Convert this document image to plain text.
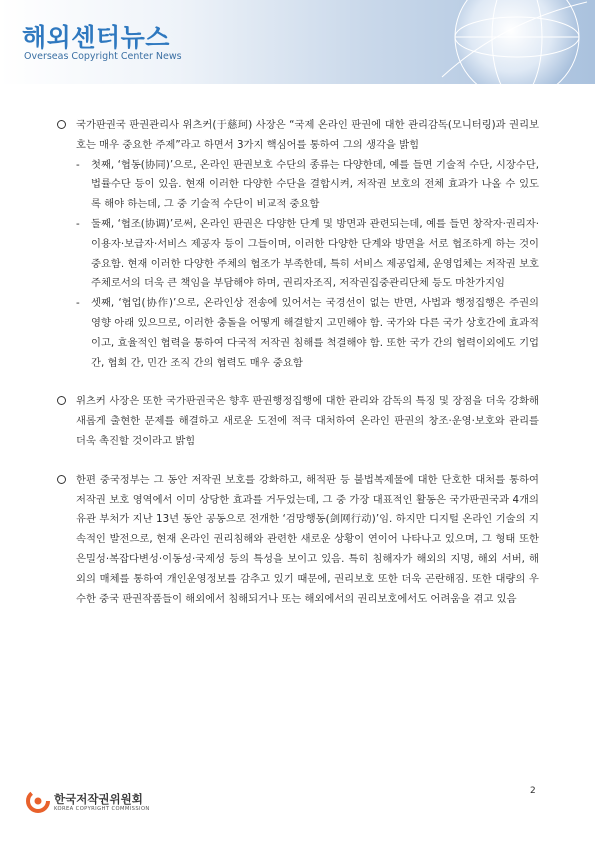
해외센터뉴스
Overseas Copyright Center News
국가판권국 판권관리사 위츠커(于慈珂) 사장은 “국제 온라인 판권에 대한 관리감독(모니터링)과 권리보호는 매우 중요한 주제”라고 하면서 3가지 핵심어를 통하여 그의 생각을 밝힘
- 첫째, ‘협동(协同)’으로, 온라인 판권보호 수단의 종류는 다양한데, 예를 들면 기술적 수단, 시장수단, 법률수단 등이 있음. 현재 이러한 다양한 수단을 결합시켜, 저작권 보호의 전체 효과가 나올 수 있도록 해야 하는데, 그 중 기술적 수단이 비교적 중요함
- 둘째, ‘협조(协调)’로써, 온라인 판권은 다양한 단계 및 방면과 관련되는데, 예를 들면 창작자·권리자·이용자·보급자·서비스 제공자 등이 그들이며, 이러한 다양한 단계와 방면을 서로 협조하게 하는 것이 중요함. 현재 이러한 다양한 주체의 협조가 부족한데, 특히 서비스 제공업체, 운영업체는 저작권 보호 주체로서의 더욱 큰 책임을 부담해야 하며, 권리자조직, 저작권집중관리단체 등도 마찬가지임
- 셋째, ‘협업(协作)’으로, 온라인상 전송에 있어서는 국경선이 없는 반면, 사법과 행정집행은 주권의 영향 아래 있으므로, 이러한 충돌을 어떻게 해결할지 고민해야 함. 국가와 다른 국가 상호간에 효과적이고, 효율적인 협력을 통하여 다국적 저작권 침해를 척결해야 함. 또한 국가 간의 협력이외에도 기업 간, 협회 간, 민간 조직 간의 협력도 매우 중요함
위츠커 사장은 또한 국가판권국은 향후 판권행정집행에 대한 관리와 감독의 특징 및 장점을 더욱 강화해 새롭게 출현한 문제를 해결하고 새로운 도전에 적극 대처하여 온라인 판권의 창조·운영·보호와 관리를 더욱 촉진할 것이라고 밝힘
한편 중국정부는 그 동안 저작권 보호를 강화하고, 해적판 등 불법복제물에 대한 단호한 대처를 통하여 저작권 보호 영역에서 이미 상당한 효과를 거두었는데, 그 중 가장 대표적인 활동은 국가판권국과 4개의 유관 부처가 지난 13년 동안 공동으로 전개한 ‘검망행동(剑网行动)’임. 하지만 디지털 온라인 기술의 지속적인 발전으로, 현재 온라인 권리침해와 관련한 새로운 상황이 연이어 나타나고 있으며, 그 형태 또한 은밀성·복잡다변성·이동성·국제성 등의 특성을 보이고 있음. 특히 침해자가 해외의 지명, 해외 서버, 해외의 매체를 통하여 개인운영정보를 감추고 있기 때문에, 권리보호 또한 더욱 곤란해짐. 또한 대량의 우수한 중국 판권작품들이 해외에서 침해되거나 또는 해외에서의 권리보호에서도 어려움을 겪고 있음
한국저작권위원회
KOREA COPYRIGHT COMMISSION
2
